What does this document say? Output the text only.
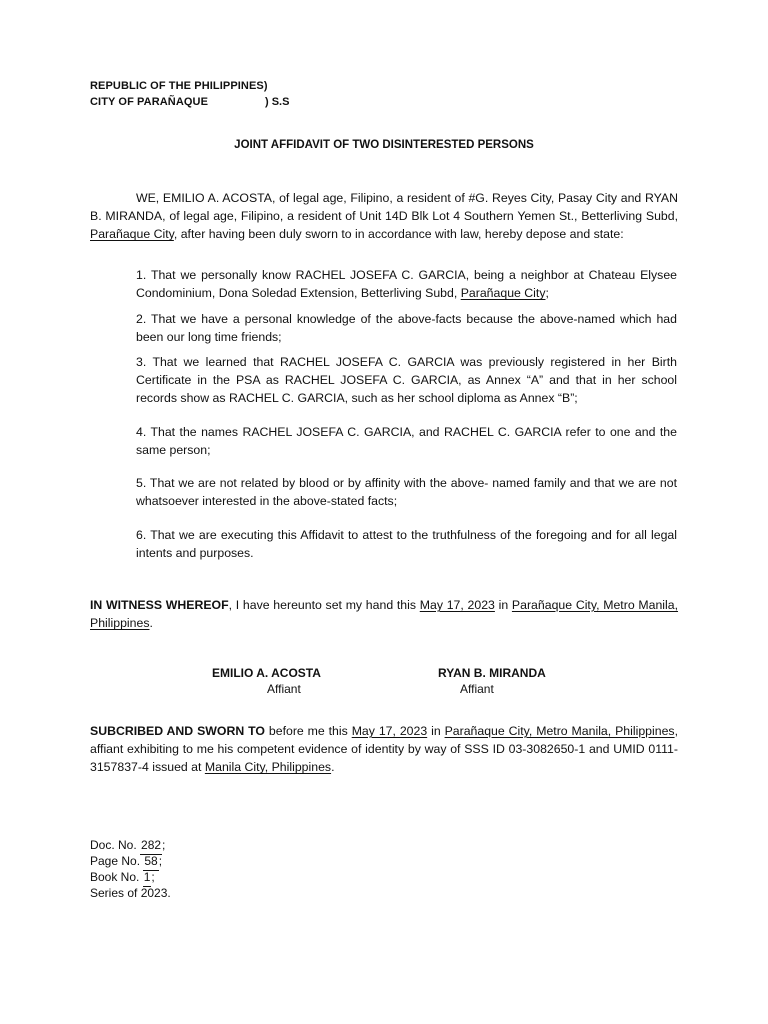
REPUBLIC OF THE PHILIPPINES)
CITY OF PARAÑAQUE	) S.S
JOINT AFFIDAVIT OF TWO DISINTERESTED PERSONS
WE, EMILIO A. ACOSTA, of legal age, Filipino, a resident of #G. Reyes City, Pasay City and RYAN B. MIRANDA, of legal age, Filipino, a resident of Unit 14D Blk Lot 4 Southern Yemen St., Betterliving Subd, Parañaque City, after having been duly sworn to in accordance with law, hereby depose and state:
1. That we personally know RACHEL JOSEFA C. GARCIA, being a neighbor at Chateau Elysee Condominium, Dona Soledad Extension, Betterliving Subd, Parañaque City;
2. That we have a personal knowledge of the above-facts because the above-named which had been our long time friends;
3. That we learned that RACHEL JOSEFA C. GARCIA was previously registered in her Birth Certificate in the PSA as RACHEL JOSEFA C. GARCIA, as Annex “A” and that in her school records show as RACHEL C. GARCIA, such as her school diploma as Annex “B”;
4. That the names RACHEL JOSEFA C. GARCIA, and RACHEL C. GARCIA refer to one and the same person;
5. That we are not related by blood or by affinity with the above- named family and that we are not whatsoever interested in the above-stated facts;
6. That we are executing this Affidavit to attest to the truthfulness of the foregoing and for all legal intents and purposes.
IN WITNESS WHEREOF, I have hereunto set my hand this May 17, 2023 in Parañaque City, Metro Manila, Philippines.
EMILIO A. ACOSTA
Affiant
RYAN B. MIRANDA
Affiant
SUBCRIBED AND SWORN TO before me this May 17, 2023 in Parañaque City, Metro Manila, Philippines, affiant exhibiting to me his competent evidence of identity by way of SSS ID 03-3082650-1 and UMID 0111-3157837-4 issued at Manila City, Philippines.
Doc. No. 282;
Page No. 58;
Book No. 1;
Series of 2023.
